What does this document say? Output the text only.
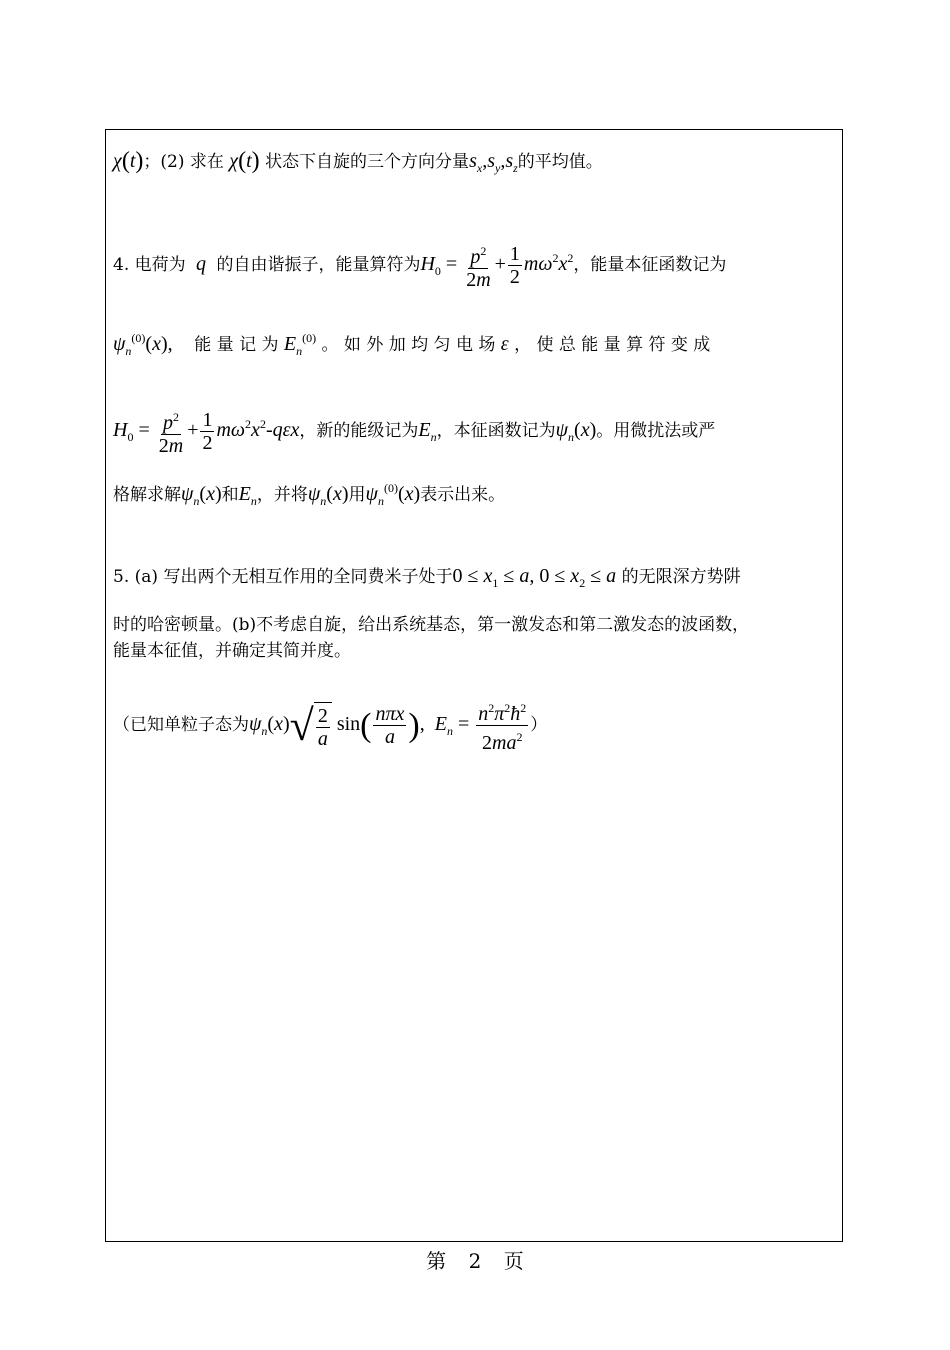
χ(t)；(2) 求在 χ(t) 状态下自旋的三个方向分量$s_x,s_y,s_z$的平均值。
4. 电荷为  q  的自由谐振子，能量算符为$H_0 = \frac{p^2}{2m} + \frac{1}{2} m\omega^2x^2$，能量本征函数记为
$\psi_n^{(0)}(x)$, 能 量 记 为 $E_n^{(0)}$ 。 如 外 加 均 匀 电 场 ε ， 使 总 能 量 算 符 变 成
$H_0 = \frac{p^2}{2m} + \frac{1}{2} m\omega^2x^2-q\varepsilon x$，新的能级记为$E_n$，本征函数记为$\psi_n(x)$。用微扰法或严
格解求解$\psi_n(x)$和$E_n$，并将$\psi_n(x)$用$\psi_n^{(0)}(x)$表示出来。
5. (a) 写出两个无相互作用的全同费米子处于$0 \le x_1 \le a$, $0 \le x_2 \le a$ 的无限深方势阱
时的哈密顿量。(b)不考虑自旋，给出系统基态，第一激发态和第二激发态的波函数，
能量本征值，并确定其简并度。
（已知单粒子态为$\psi_n(x)$ √ $\frac{2}{a} \sin( \frac{\text{nπx}}{a}$ ),  $E_n = \frac{n^2\pi^2ħ^2}{2ma^2}$ ）
第 2 页
